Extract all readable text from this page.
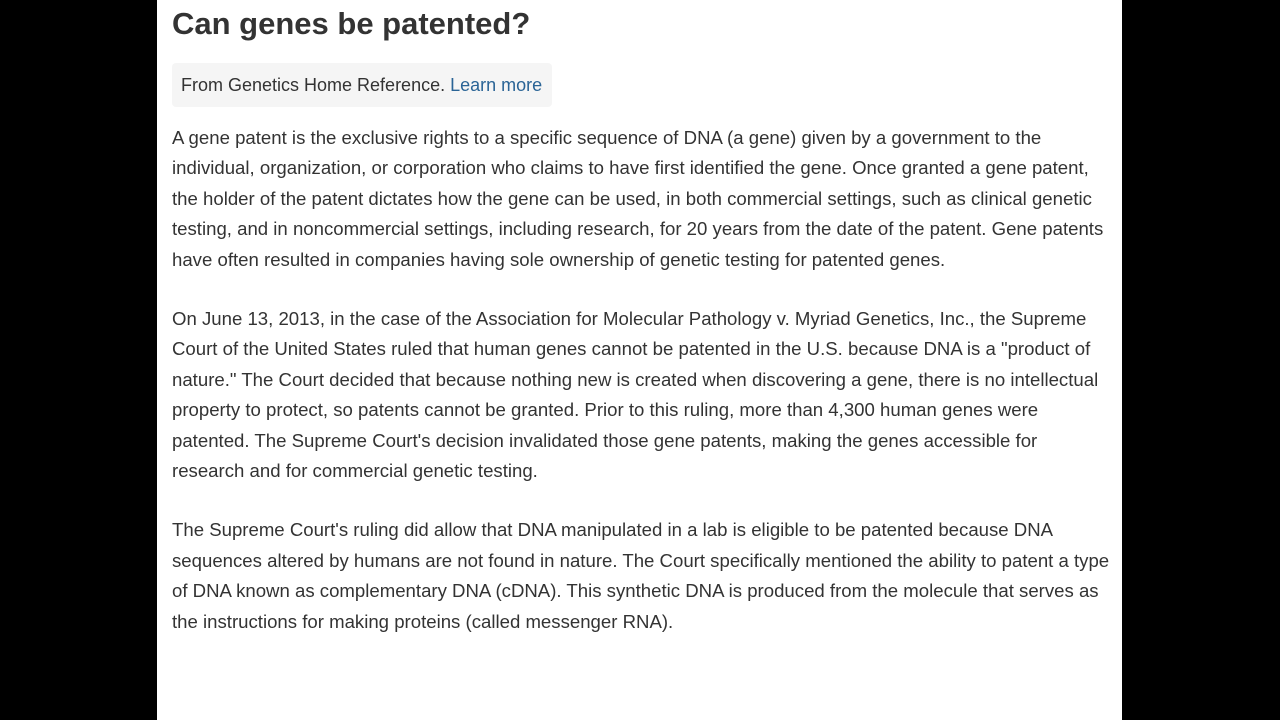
Can genes be patented?
From Genetics Home Reference. Learn more

A gene patent is the exclusive rights to a specific sequence of DNA (a gene) given by a government to the individual, organization, or corporation who claims to have first identified the gene. Once granted a gene patent, the holder of the patent dictates how the gene can be used, in both commercial settings, such as clinical genetic testing, and in noncommercial settings, including research, for 20 years from the date of the patent. Gene patents have often resulted in companies having sole ownership of genetic testing for patented genes.

On June 13, 2013, in the case of the Association for Molecular Pathology v. Myriad Genetics, Inc., the Supreme Court of the United States ruled that human genes cannot be patented in the U.S. because DNA is a "product of nature." The Court decided that because nothing new is created when discovering a gene, there is no intellectual property to protect, so patents cannot be granted. Prior to this ruling, more than 4,300 human genes were patented. The Supreme Court's decision invalidated those gene patents, making the genes accessible for research and for commercial genetic testing.

The Supreme Court's ruling did allow that DNA manipulated in a lab is eligible to be patented because DNA sequences altered by humans are not found in nature. The Court specifically mentioned the ability to patent a type of DNA known as complementary DNA (cDNA). This synthetic DNA is produced from the molecule that serves as the instructions for making proteins (called messenger RNA).
